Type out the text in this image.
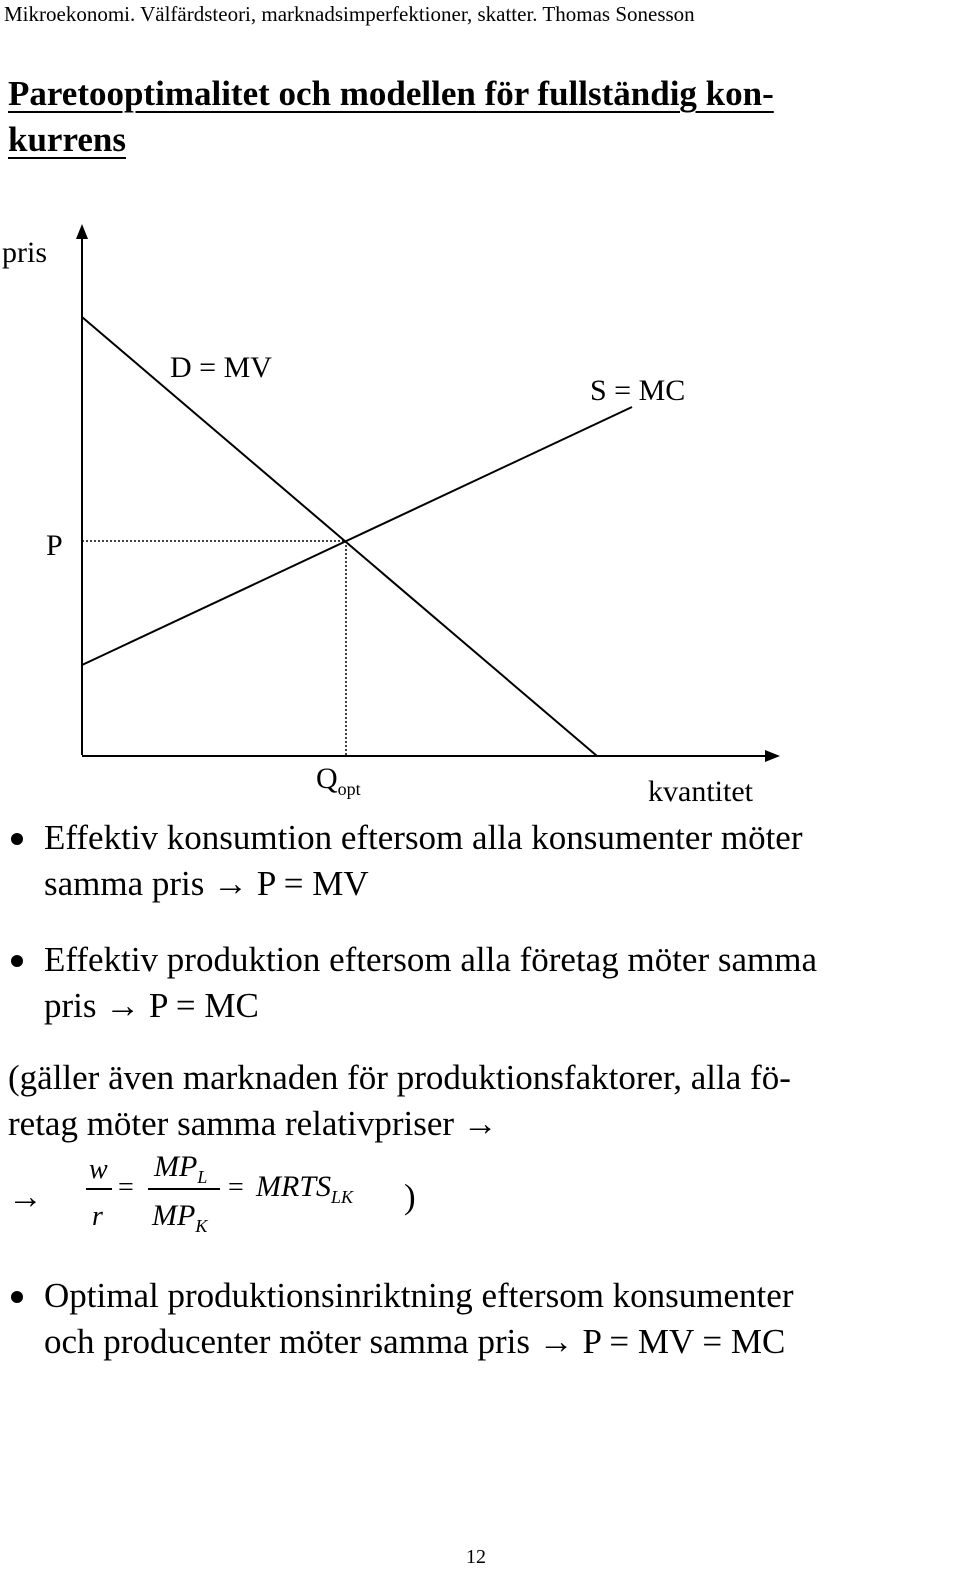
Mikroekonomi. Välfärdsteori, marknadsimperfektioner, skatter. Thomas Sonesson
Paretooptimalitet och modellen för fullständig kon-
kurrens
pris
D = MV
S = MC
P
$Q_{opt}$	kvantitet
Effektiv konsumtion eftersom alla konsumenter möter
samma pris → P = MV
Effektiv produktion eftersom alla företag möter samma
pris → P = MC
(gäller även marknaden för produktionsfaktorer, alla fö-
retag möter samma relativpriser →
→
w
r
=
$MP_L$
$MP_K$
= $MRTS_{LK}$ )
Optimal produktionsinriktning eftersom konsumenter
och producenter möter samma pris → P = MV = MC
12
